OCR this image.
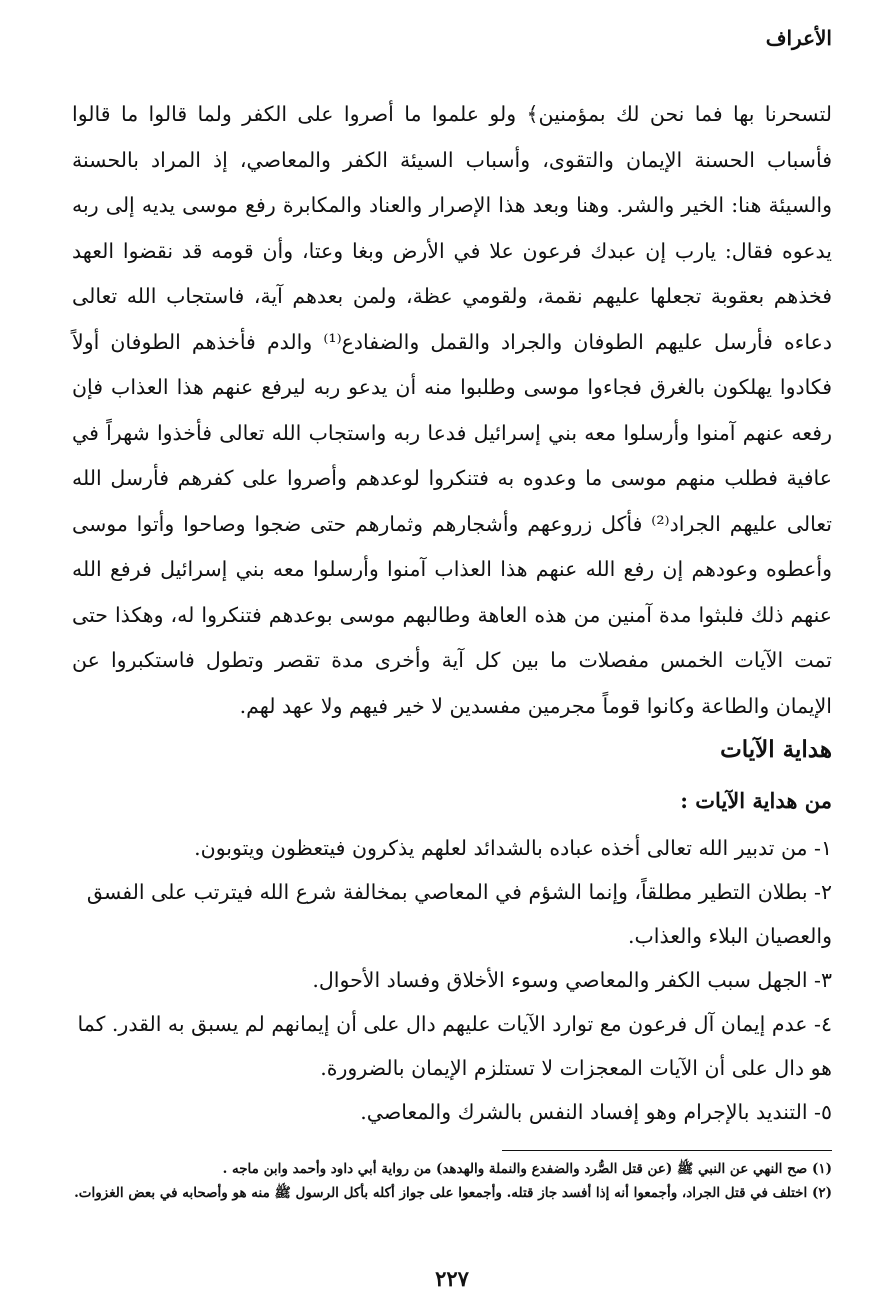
الأعراف

لتسحرنا بها فما نحن لك بمؤمنين﴾ ولو علموا ما أصروا على الكفر ولما قالوا ما قالوا فأسباب الحسنة الإيمان والتقوى، وأسباب السيئة الكفر والمعاصي، إذ المراد بالحسنة والسيئة هنا: الخير والشر. وهنا وبعد هذا الإصرار والعناد والمكابرة رفع موسى يديه إلى ربه يدعوه فقال: يارب إن عبدك فرعون علا في الأرض وبغا وعتا، وأن قومه قد نقضوا العهد فخذهم بعقوبة تجعلها عليهم نقمة، ولقومي عظة، ولمن بعدهم آية، فاستجاب الله تعالى دعاءه فأرسل عليهم الطوفان والجراد والقمل والضفادع⁽¹⁾ والدم فأخذهم الطوفان أولاً فكادوا يهلكون بالغرق فجاءوا موسى وطلبوا منه أن يدعو ربه ليرفع عنهم هذا العذاب فإن رفعه عنهم آمنوا وأرسلوا معه بني إسرائيل فدعا ربه واستجاب الله تعالى فأخذوا شهراً في عافية فطلب منهم موسى ما وعدوه به فتنكروا لوعدهم وأصروا على كفرهم فأرسل الله تعالى عليهم الجراد⁽²⁾ فأكل زروعهم وأشجارهم وثمارهم حتى ضجوا وصاحوا وأتوا موسى وأعطوه وعودهم إن رفع الله عنهم هذا العذاب آمنوا وأرسلوا معه بني إسرائيل فرفع الله عنهم ذلك فلبثوا مدة آمنين من هذه العاهة وطالبهم موسى بوعدهم فتنكروا له، وهكذا حتى تمت الآيات الخمس مفصلات ما بين كل آية وأخرى مدة تقصر وتطول فاستكبروا عن الإيمان والطاعة وكانوا قوماً مجرمين مفسدين لا خير فيهم ولا عهد لهم.

هداية الآيات
من هداية الآيات :

١- من تدبير الله تعالى أخذه عباده بالشدائد لعلهم يذكرون فيتعظون ويتوبون.

٢- بطلان التطير مطلقاً، وإنما الشؤم في المعاصي بمخالفة شرع الله فيترتب على الفسق والعصيان البلاء والعذاب.

٣- الجهل سبب الكفر والمعاصي وسوء الأخلاق وفساد الأحوال.

٤- عدم إيمان آل فرعون مع توارد الآيات عليهم دال على أن إيمانهم لم يسبق به القدر. كما هو دال على أن الآيات المعجزات لا تستلزم الإيمان بالضرورة.

٥- التنديد بالإجرام وهو إفساد النفس بالشرك والمعاصي.

(١) صح النهي عن النبي ﷺ (عن قتل الصُّرد والضفدع والنملة والهدهد) من رواية أبي داود وأحمد وابن ماجه .

(٢) اختلف في قتل الجراد، وأجمعوا أنه إذا أفسد جاز قتله. وأجمعوا على جواز أكله بأكل الرسول ﷺ منه هو وأصحابه في بعض الغزوات.

٢٢٧
